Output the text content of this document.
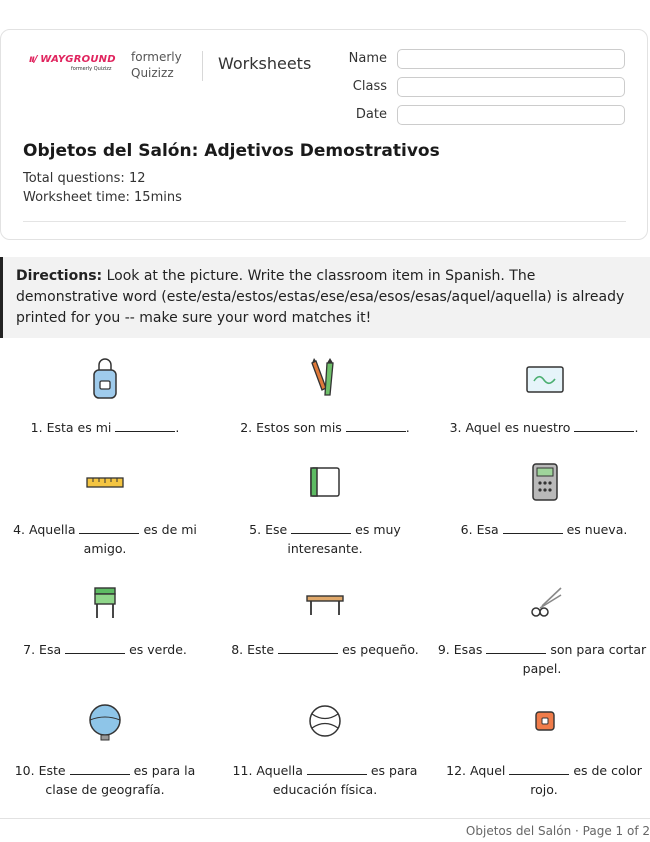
ıı/ WAYGROUND
formerly Quizizz
formerly
Quizizz	Worksheets	Name
Class
Date
Objetos del Salón: Adjetivos Demostrativos
Total questions: 12
Worksheet time: 15mins
Directions: Look at the picture. Write the classroom item in Spanish. The demonstrative word (este/esta/estos/estas/ese/esa/esos/esas/aquel/aquella) is already printed for you -- make sure your word matches it!
1. Esta es mi	.	2. Estos son mis	.	3. Aquel es nuestro	.
4. Aquella	es de mi amigo.
5. Ese	es muy interesante.
6. Esa	es nueva.
7. Esa	es verde.	8. Este	es pequeño.	9. Esas	son para cortar papel.
10. Este	es para la clase de geografía.
11. Aquella	es para educación física.
12. Aquel	es de color rojo.
Objetos del Salón · Page 1 of 2
